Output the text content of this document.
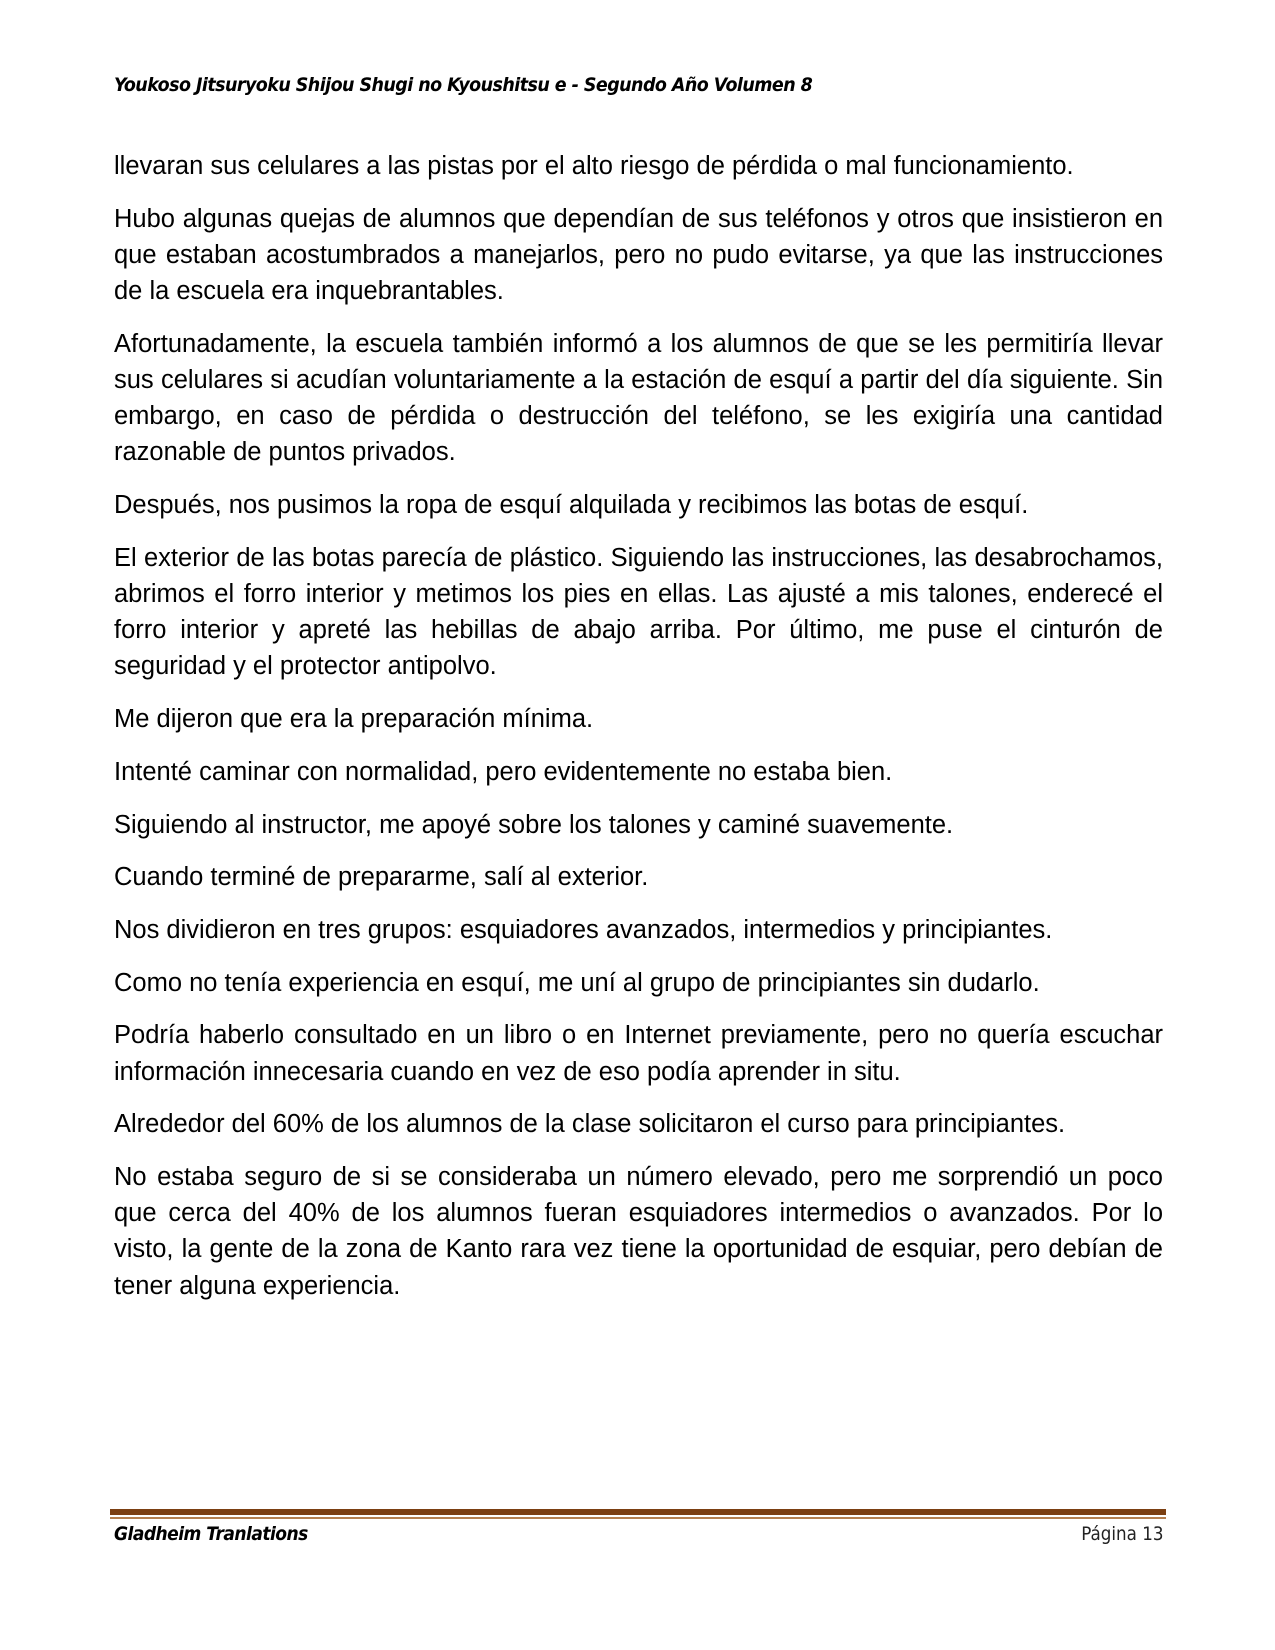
Youkoso Jitsuryoku Shijou Shugi no Kyoushitsu e - Segundo Año Volumen 8

llevaran sus celulares a las pistas por el alto riesgo de pérdida o mal funcionamiento.

Hubo algunas quejas de alumnos que dependían de sus teléfonos y otros que insistieron en que estaban acostumbrados a manejarlos, pero no pudo evitarse, ya que las instrucciones de la escuela era inquebrantables.

Afortunadamente, la escuela también informó a los alumnos de que se les permitiría llevar sus celulares si acudían voluntariamente a la estación de esquí a partir del día siguiente. Sin embargo, en caso de pérdida o destrucción del teléfono, se les exigiría una cantidad razonable de puntos privados.

Después, nos pusimos la ropa de esquí alquilada y recibimos las botas de esquí.

El exterior de las botas parecía de plástico. Siguiendo las instrucciones, las desabrochamos, abrimos el forro interior y metimos los pies en ellas. Las ajusté a mis talones, enderecé el forro interior y apreté las hebillas de abajo arriba. Por último, me puse el cinturón de seguridad y el protector antipolvo.

Me dijeron que era la preparación mínima.

Intenté caminar con normalidad, pero evidentemente no estaba bien.

Siguiendo al instructor, me apoyé sobre los talones y caminé suavemente.

Cuando terminé de prepararme, salí al exterior.

Nos dividieron en tres grupos: esquiadores avanzados, intermedios y principiantes.

Como no tenía experiencia en esquí, me uní al grupo de principiantes sin dudarlo.

Podría haberlo consultado en un libro o en Internet previamente, pero no quería escuchar información innecesaria cuando en vez de eso podía aprender in situ.

Alrededor del 60% de los alumnos de la clase solicitaron el curso para principiantes.

No estaba seguro de si se consideraba un número elevado, pero me sorprendió un poco que cerca del 40% de los alumnos fueran esquiadores intermedios o avanzados. Por lo visto, la gente de la zona de Kanto rara vez tiene la oportunidad de esquiar, pero debían de tener alguna experiencia.

Gladheim Tranlations	Página 13
